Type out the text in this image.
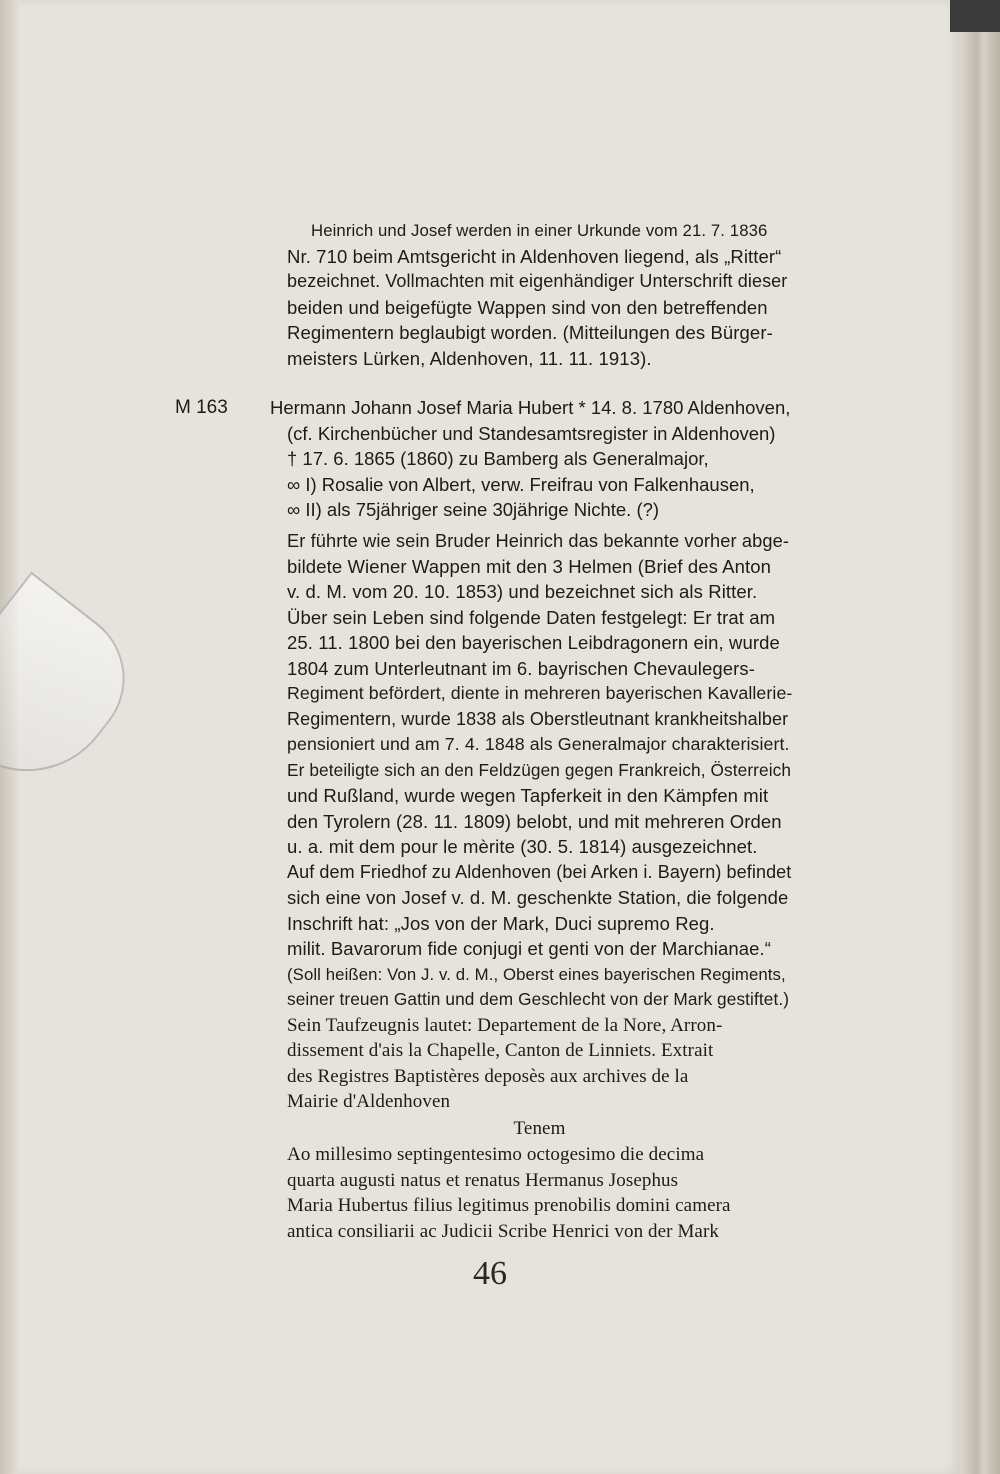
Heinrich und Josef werden in einer Urkunde vom 21. 7. 1836
Nr. 710 beim Amtsgericht in Aldenhoven liegend, als „Ritter“
bezeichnet. Vollmachten mit eigenhändiger Unterschrift dieser
beiden und beigefügte Wappen sind von den betreffenden
Regimentern beglaubigt worden. (Mitteilungen des Bürger-
meisters Lürken, Aldenhoven, 11. 11. 1913).
M 163 Hermann Johann Josef Maria Hubert * 14. 8. 1780 Aldenhoven,
(cf. Kirchenbücher und Standesamtsregister in Aldenhoven)
† 17. 6. 1865 (1860) zu Bamberg als Generalmajor,
∞ I) Rosalie von Albert, verw. Freifrau von Falkenhausen,
∞ II) als 75jähriger seine 30jährige Nichte. (?)
Er führte wie sein Bruder Heinrich das bekannte vorher abge-
bildete Wiener Wappen mit den 3 Helmen (Brief des Anton
v. d. M. vom 20. 10. 1853) und bezeichnet sich als Ritter.
Über sein Leben sind folgende Daten festgelegt: Er trat am
25. 11. 1800 bei den bayerischen Leibdragonern ein, wurde
1804 zum Unterleutnant im 6. bayrischen Chevaulegers-
Regiment befördert, diente in mehreren bayerischen Kavallerie-
Regimentern, wurde 1838 als Oberstleutnant krankheitshalber
pensioniert und am 7. 4. 1848 als Generalmajor charakterisiert.
Er beteiligte sich an den Feldzügen gegen Frankreich, Österreich
und Rußland, wurde wegen Tapferkeit in den Kämpfen mit
den Tyrolern (28. 11. 1809) belobt, und mit mehreren Orden
u. a. mit dem pour le mèrite (30. 5. 1814) ausgezeichnet.
Auf dem Friedhof zu Aldenhoven (bei Arken i. Bayern) befindet
sich eine von Josef v. d. M. geschenkte Station, die folgende
Inschrift hat: „Jos von der Mark, Duci supremo Reg.
milit. Bavarorum fide conjugi et genti von der Marchianae.“
(Soll heißen: Von J. v. d. M., Oberst eines bayerischen Regiments,
seiner treuen Gattin und dem Geschlecht von der Mark gestiftet.)
Sein Taufzeugnis lautet: Departement de la Nore, Arron-
dissement d'ais la Chapelle, Canton de Linniets. Extrait
des Registres Baptistères deposès aux archives de la
Mairie d'Aldenhoven
Tenem
Ao millesimo septingentesimo octogesimo die decima
quarta augusti natus et renatus Hermanus Josephus
Maria Hubertus filius legitimus prenobilis domini camera
antica consiliarii ac Judicii Scribe Henrici von der Mark
46
